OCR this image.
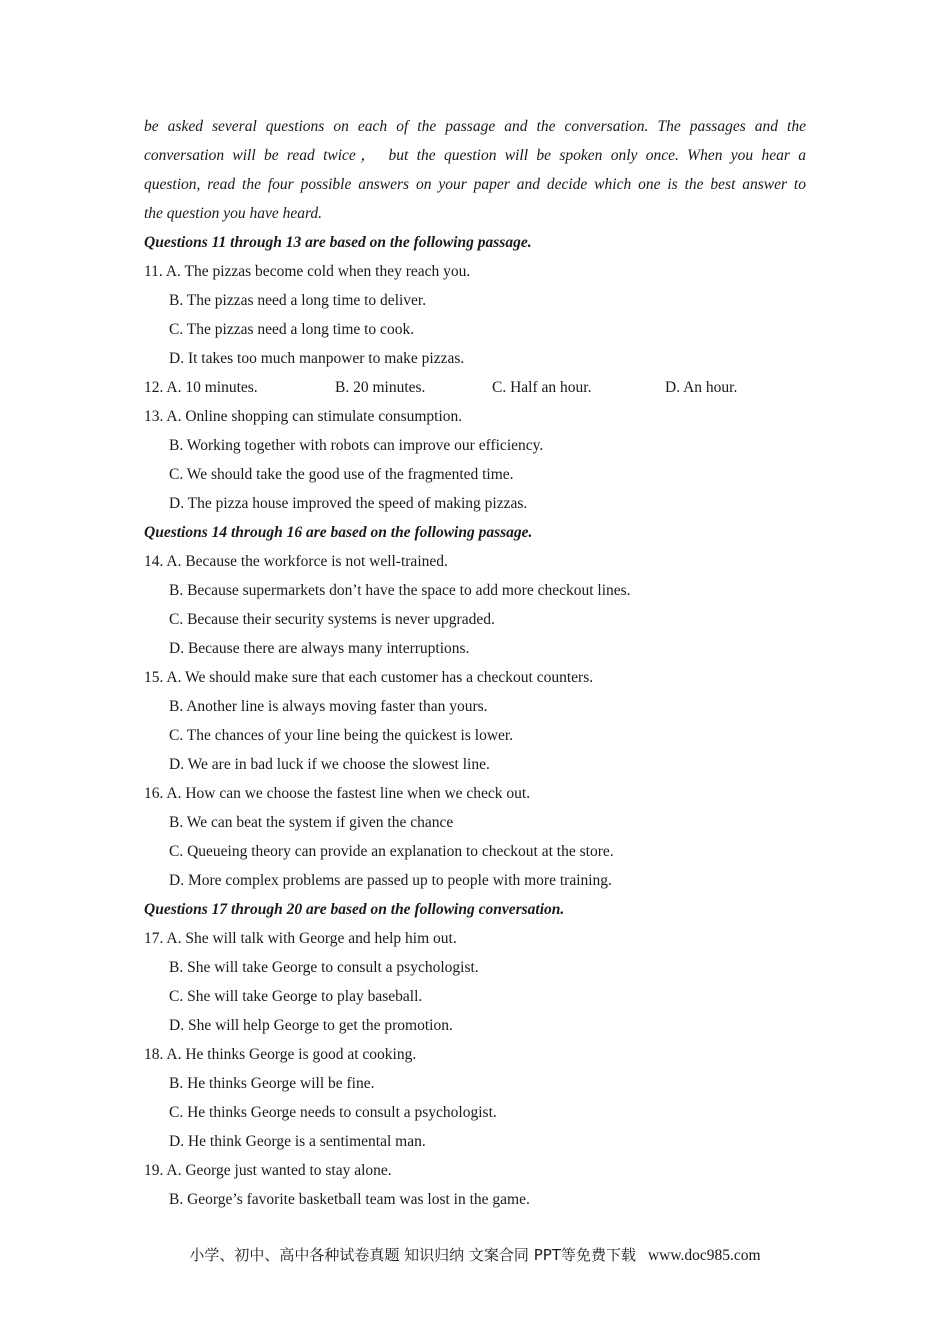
be asked several questions on each of the passage and the conversation. The passages and the
conversation will be read twice， but the question will be spoken only once. When you hear a
question, read the four possible answers on your paper and decide which one is the best answer to
the question you have heard.
Questions 11 through 13 are based on the following passage.
11. A. The pizzas become cold when they reach you.
B. The pizzas need a long time to deliver.
C. The pizzas need a long time to cook.
D. It takes too much manpower to make pizzas.
12. A. 10 minutes.	B. 20 minutes.	C. Half an hour.	D. An hour.
13. A. Online shopping can stimulate consumption.
B. Working together with robots can improve our efficiency.
C. We should take the good use of the fragmented time.
D. The pizza house improved the speed of making pizzas.
Questions 14 through 16 are based on the following passage.
14. A. Because the workforce is not well-trained.
B. Because supermarkets don’t have the space to add more checkout lines.
C. Because their security systems is never upgraded.
D. Because there are always many interruptions.
15. A. We should make sure that each customer has a checkout counters.
B. Another line is always moving faster than yours.
C. The chances of your line being the quickest is lower.
D. We are in bad luck if we choose the slowest line.
16. A. How can we choose the fastest line when we check out.
B. We can beat the system if given the chance
C. Queueing theory can provide an explanation to checkout at the store.
D. More complex problems are passed up to people with more training.
Questions 17 through 20 are based on the following conversation.
17. A. She will talk with George and help him out.
B. She will take George to consult a psychologist.
C. She will take George to play baseball.
D. She will help George to get the promotion.
18. A. He thinks George is good at cooking.
B. He thinks George will be fine.
C. He thinks George needs to consult a psychologist.
D. He think George is a sentimental man.
19. A. George just wanted to stay alone.
B. George’s favorite basketball team was lost in the game.
小学、初中、高中各种试卷真题 知识归纳 文案合同 PPT等免费下载 www.doc985.com
